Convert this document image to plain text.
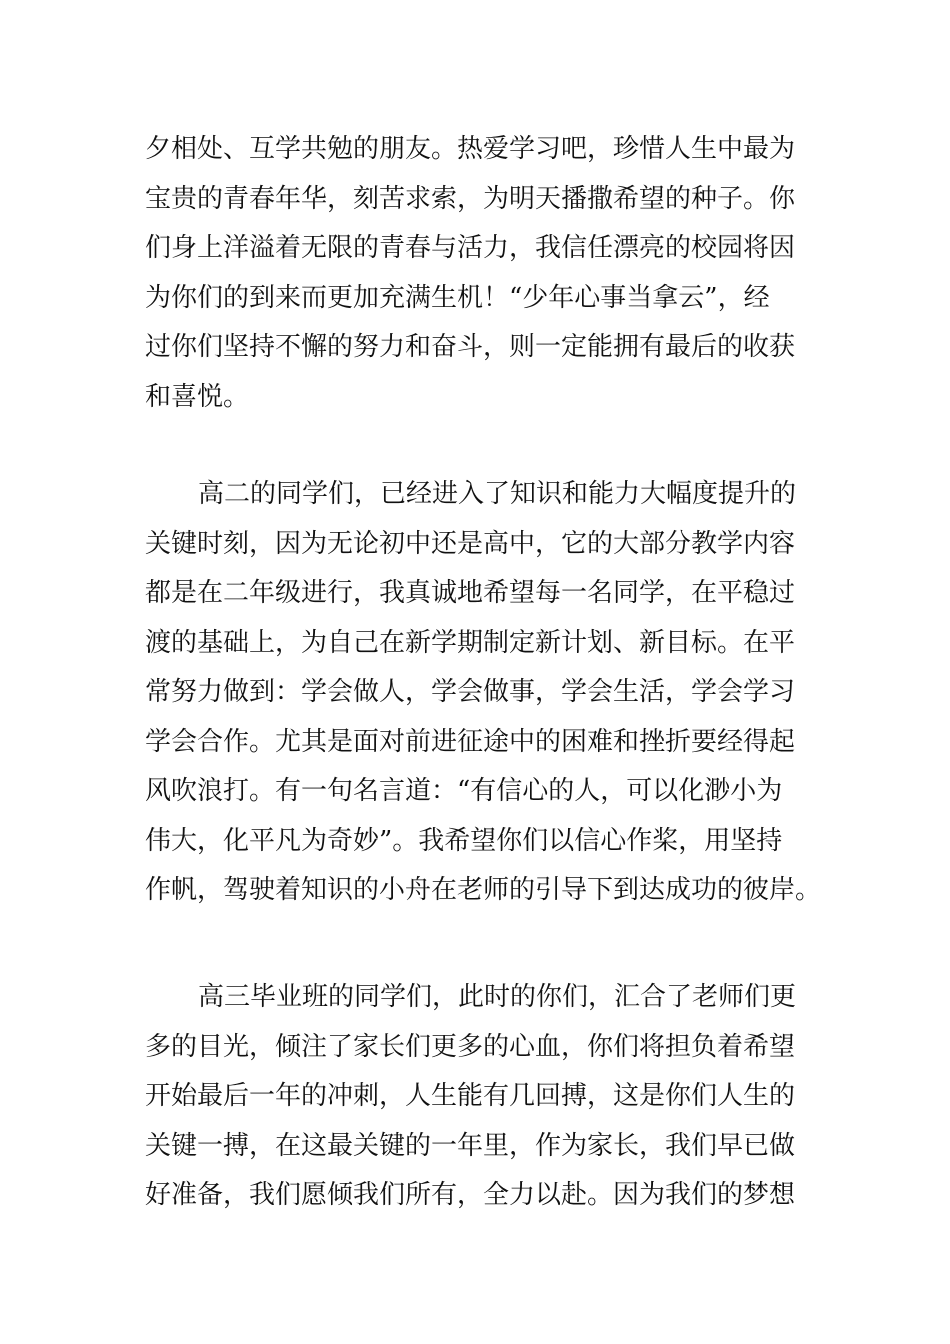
夕相处、互学共勉的朋友。热爱学习吧，珍惜人生中最为
宝贵的青春年华，刻苦求索，为明天播撒希望的种子。你
们身上洋溢着无限的青春与活力，我信任漂亮的校园将因
为你们的到来而更加充满生机！“少年心事当拿云”，经
过你们坚持不懈的努力和奋斗，则一定能拥有最后的收获
和喜悦。
高二的同学们，已经进入了知识和能力大幅度提升的
关键时刻，因为无论初中还是高中，它的大部分教学内容
都是在二年级进行，我真诚地希望每一名同学，在平稳过
渡的基础上，为自己在新学期制定新计划、新目标。在平
常努力做到：学会做人，学会做事，学会生活，学会学习
学会合作。尤其是面对前进征途中的困难和挫折要经得起
风吹浪打。有一句名言道：“有信心的人，可以化渺小为
伟大，化平凡为奇妙”。我希望你们以信心作桨，用坚持
作帆，驾驶着知识的小舟在老师的引导下到达成功的彼岸。
高三毕业班的同学们，此时的你们，汇合了老师们更
多的目光，倾注了家长们更多的心血，你们将担负着希望
开始最后一年的冲刺，人生能有几回搏，这是你们人生的
关键一搏，在这最关键的一年里，作为家长，我们早已做
好准备，我们愿倾我们所有，全力以赴。因为我们的梦想
